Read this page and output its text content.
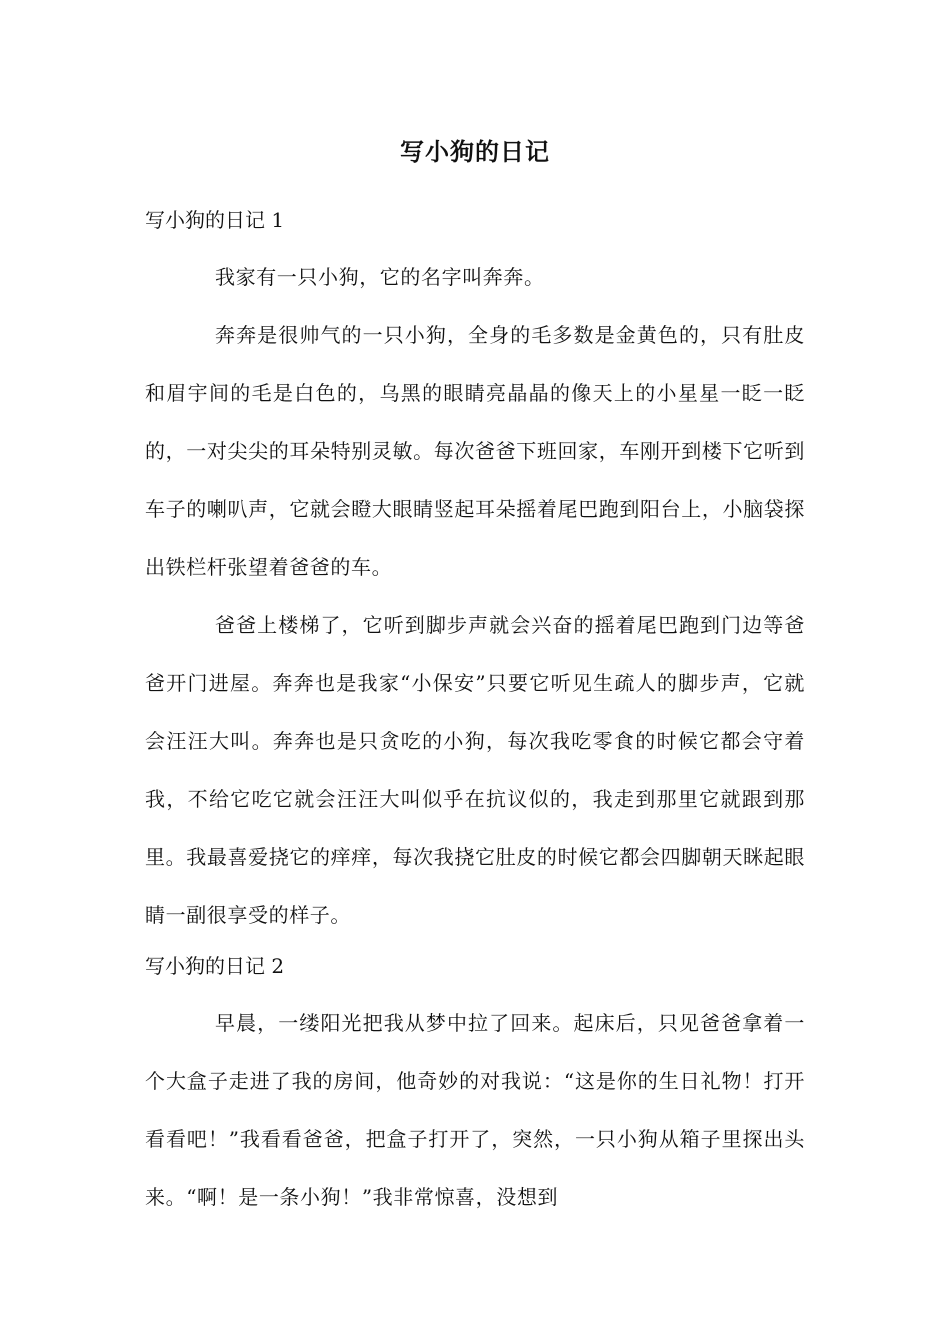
写小狗的日记
写小狗的日记 1
我家有一只小狗，它的名字叫奔奔。
奔奔是很帅气的一只小狗，全身的毛多数是金黄色的，只有肚皮和眉宇间的毛是白色的，乌黑的眼睛亮晶晶的像天上的小星星一眨一眨的，一对尖尖的耳朵特别灵敏。每次爸爸下班回家，车刚开到楼下它听到车子的喇叭声，它就会瞪大眼睛竖起耳朵摇着尾巴跑到阳台上，小脑袋探出铁栏杆张望着爸爸的车。
爸爸上楼梯了，它听到脚步声就会兴奋的摇着尾巴跑到门边等爸爸开门进屋。奔奔也是我家“小保安”只要它听见生疏人的脚步声，它就会汪汪大叫。奔奔也是只贪吃的小狗，每次我吃零食的时候它都会守着我，不给它吃它就会汪汪大叫似乎在抗议似的，我走到那里它就跟到那里。我最喜爱挠它的痒痒，每次我挠它肚皮的时候它都会四脚朝天眯起眼睛一副很享受的样子。
写小狗的日记 2
早晨，一缕阳光把我从梦中拉了回来。起床后，只见爸爸拿着一个大盒子走进了我的房间，他奇妙的对我说：“这是你的生日礼物！打开看看吧！”我看看爸爸，把盒子打开了，突然，一只小狗从箱子里探出头来。“啊！是一条小狗！”我非常惊喜，没想到
